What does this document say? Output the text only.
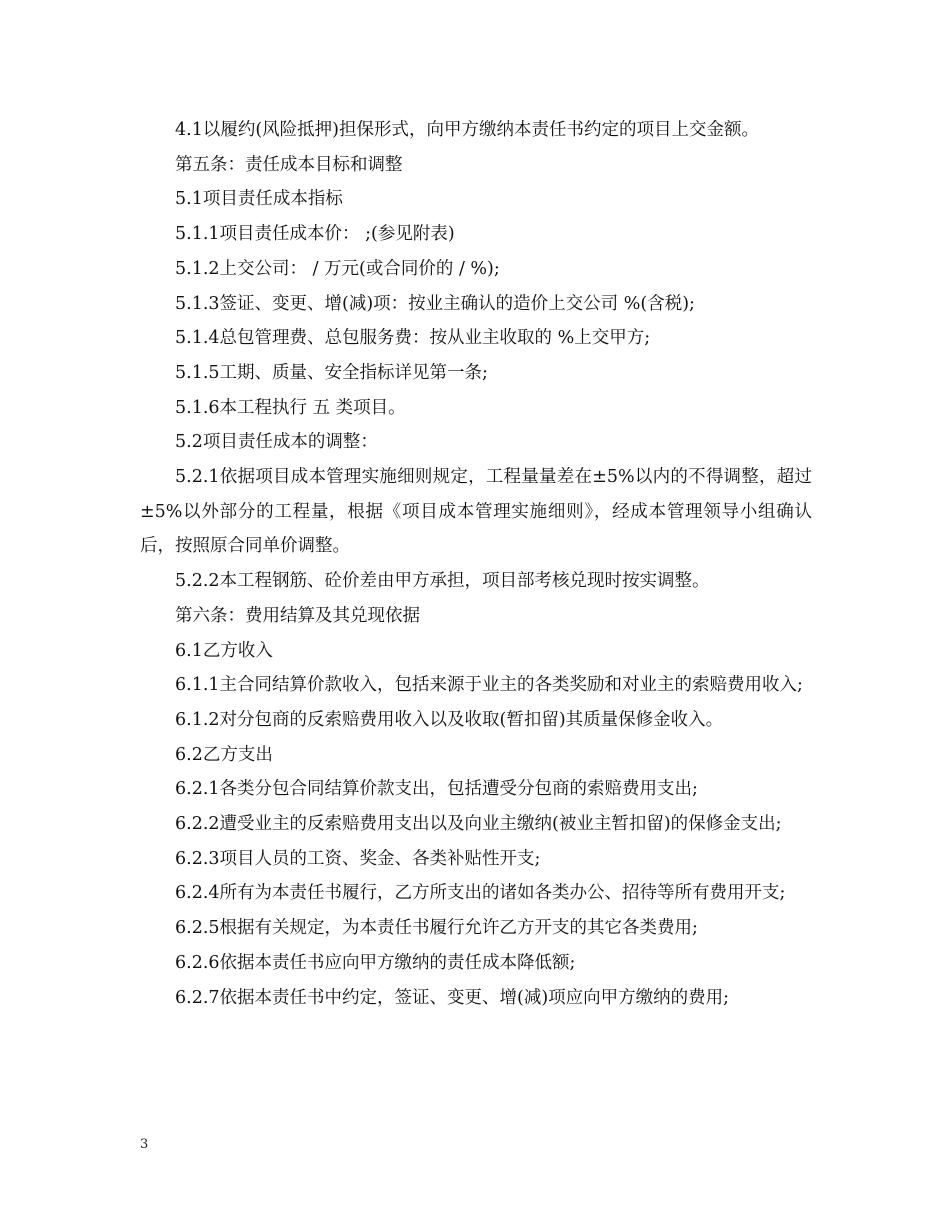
4.1以履约(风险抵押)担保形式，向甲方缴纳本责任书约定的项目上交金额。

第五条：责任成本目标和调整

5.1项目责任成本指标

5.1.1项目责任成本价： ;(参见附表)

5.1.2上交公司： / 万元(或合同价的 / %);

5.1.3签证、变更、增(减)项：按业主确认的造价上交公司 %(含税);

5.1.4总包管理费、总包服务费：按从业主收取的 %上交甲方;

5.1.5工期、质量、安全指标详见第一条;

5.1.6本工程执行 五 类项目。

5.2项目责任成本的调整：

5.2.1依据项目成本管理实施细则规定，工程量量差在±5%以内的不得调整，超过±5%以外部分的工程量，根据《项目成本管理实施细则》，经成本管理领导小组确认后，按照原合同单价调整。

5.2.2本工程钢筋、砼价差由甲方承担，项目部考核兑现时按实调整。

第六条：费用结算及其兑现依据

6.1乙方收入

6.1.1主合同结算价款收入，包括来源于业主的各类奖励和对业主的索赔费用收入;

6.1.2对分包商的反索赔费用收入以及收取(暂扣留)其质量保修金收入。

6.2乙方支出

6.2.1各类分包合同结算价款支出，包括遭受分包商的索赔费用支出;

6.2.2遭受业主的反索赔费用支出以及向业主缴纳(被业主暂扣留)的保修金支出;

6.2.3项目人员的工资、奖金、各类补贴性开支;

6.2.4所有为本责任书履行，乙方所支出的诸如各类办公、招待等所有费用开支;

6.2.5根据有关规定，为本责任书履行允许乙方开支的其它各类费用;

6.2.6依据本责任书应向甲方缴纳的责任成本降低额;

6.2.7依据本责任书中约定，签证、变更、增(减)项应向甲方缴纳的费用;

3
